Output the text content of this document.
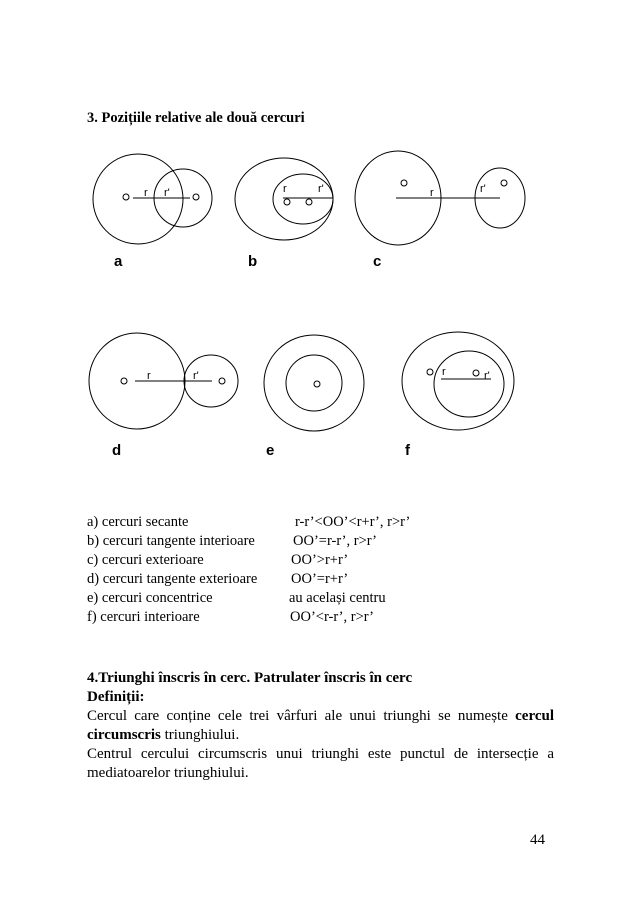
3. Pozițiile relative ale două cercuri
r r'
a
r	r'
b
r	r'
c
r	r'
d	e
r	r'
f
a) cercuri secante	r-r’<OO’<r+r’, r>r’
b) cercuri tangente interioare	OO’=r-r’, r>r’
c) cercuri exterioare	OO’>r+r’
d) cercuri tangente exterioare OO’=r+r’
e) cercuri concentrice	au același centru
f) cercuri interioare	OO’<r-r’, r>r’

4.Triunghi înscris în cerc. Patrulater înscris în cerc

Definiții:

Cercul care conține cele trei vârfuri ale unui triunghi se numește cercul circumscris triunghiului.

Centrul cercului circumscris unui triunghi este punctul de intersecție a mediatoarelor triunghiului.

44
